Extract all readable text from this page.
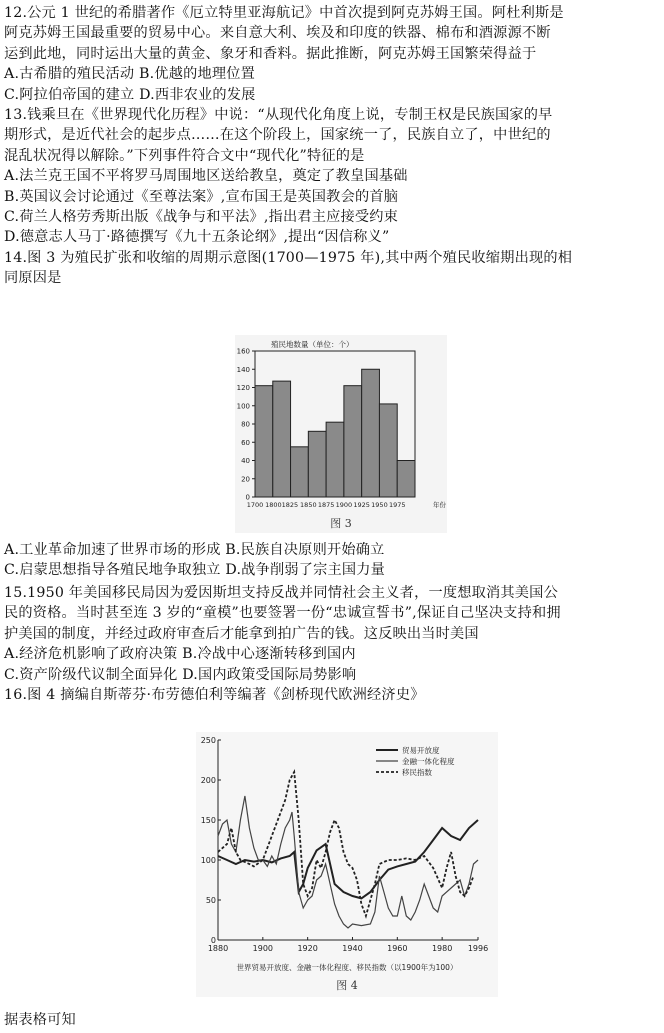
12.公元 1 世纪的希腊著作《厄立特里亚海航记》中首次提到阿克苏姆王国。阿杜利斯是
阿克苏姆王国最重要的贸易中心。来自意大利、埃及和印度的铁器、棉布和酒源源不断
运到此地，同时运出大量的黄金、象牙和香料。据此推断，阿克苏姆王国繁荣得益于
A.古希腊的殖民活动 B.优越的地理位置
C.阿拉伯帝国的建立 D.西非农业的发展
13.钱乘旦在《世界现代化历程》中说：“从现代化角度上说，专制王权是民族国家的早
期形式，是近代社会的起步点……在这个阶段上，国家统一了，民族自立了，中世纪的
混乱状况得以解除。”下列事件符合文中“现代化”特征的是
A.法兰克王国不平将罗马周围地区送给教皇，奠定了教皇国基础
B.英国议会讨论通过《至尊法案》,宣布国王是英国教会的首脑
C.荷兰人格劳秀斯出版《战争与和平法》,指出君主应接受约束
D.德意志人马丁·路德撰写《九十五条论纲》,提出“因信称义”
14.图 3 为殖民扩张和收缩的周期示意图(1700—1975 年),其中两个殖民收缩期出现的相
同原因是
0
20
40
60
80
100
120
140
160
1700 18001825 1850 1875 1900 1925 1950 1975	年份
殖民地数量（单位：个）
图 3
A.工业革命加速了世界市场的形成 B.民族自决原则开始确立
C.启蒙思想指导各殖民地争取独立 D.战争削弱了宗主国力量
15.1950 年美国移民局因为爱因斯坦支持反战并同情社会主义者，一度想取消其美国公
民的资格。当时甚至连 3 岁的“童模”也要签署一份“忠诚宣誓书”,保证自己坚决支持和拥
护美国的制度，并经过政府审查后才能拿到拍广告的钱。这反映出当时美国
A.经济危机影响了政府决策 B.冷战中心逐渐转移到国内
C.资产阶级代议制全面异化 D.国内政策受国际局势影响
16.图 4 摘编自斯蒂芬·布劳德伯利等编著《剑桥现代欧洲经济史》
0
50
100
150
200
250
1880	1900	1920	1940	1960	1980 1996
贸易开放度
金融一体化程度
移民指数
世界贸易开放度、金融一体化程度、移民指数（以1900年为100）
图 4
据表格可知
